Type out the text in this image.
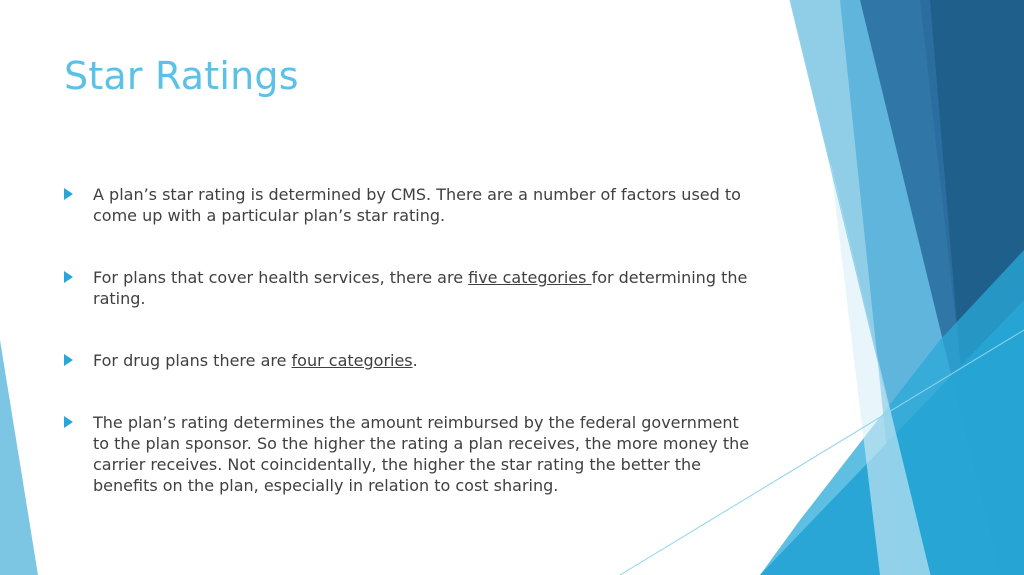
Star Ratings
A plan’s star rating is determined by CMS. There are a number of factors used to come up with a particular plan’s star rating.
For plans that cover health services, there are five categories for determining the rating.
For drug plans there are four categories.
The plan’s rating determines the amount reimbursed by the federal government to the plan sponsor. So the higher the rating a plan receives, the more money the carrier receives. Not coincidentally, the higher the star rating the better the benefits on the plan, especially in relation to cost sharing.
